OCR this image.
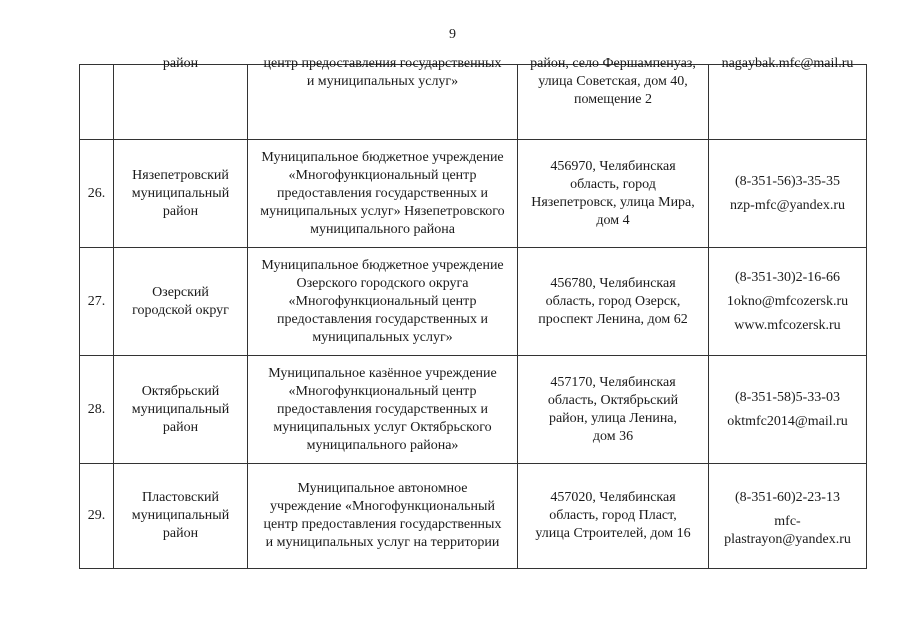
9

	район	центр предоставления государственных
и муниципальных услуг»	район, село Фершампенуаз,
улица Советская, дом 40,
помещение 2	nagaybak.mfc@mail.ru

26.	Нязепетровский
муниципальный
район	Муниципальное бюджетное учреждение
«Многофункциональный центр
предоставления государственных и
муниципальных услуг» Нязепетровского
муниципального района	456970, Челябинская
область, город
Нязепетровск, улица Мира,
дом 4	(8-351-56)3-35-35
nzp-mfc@yandex.ru

27.	Озерский
городской округ	Муниципальное бюджетное учреждение
Озерского городского округа
«Многофункциональный центр
предоставления государственных и
муниципальных услуг»	456780, Челябинская
область, город Озерск,
проспект Ленина, дом 62	(8-351-30)2-16-66
1okno@mfcozersk.ru
www.mfcozersk.ru

28.	Октябрьский
муниципальный
район	Муниципальное казённое учреждение
«Многофункциональный центр
предоставления государственных и
муниципальных услуг Октябрьского
муниципального района»	457170, Челябинская
область, Октябрьский
район, улица Ленина,
дом 36	(8-351-58)5-33-03
oktmfc2014@mail.ru

29.	Пластовский
муниципальный
район	Муниципальное автономное
учреждение «Многофункциональный
центр предоставления государственных
и муниципальных услуг на территории	457020, Челябинская
область, город Пласт,
улица Строителей, дом 16	(8-351-60)2-23-13
mfc-
plastrayon@yandex.ru
